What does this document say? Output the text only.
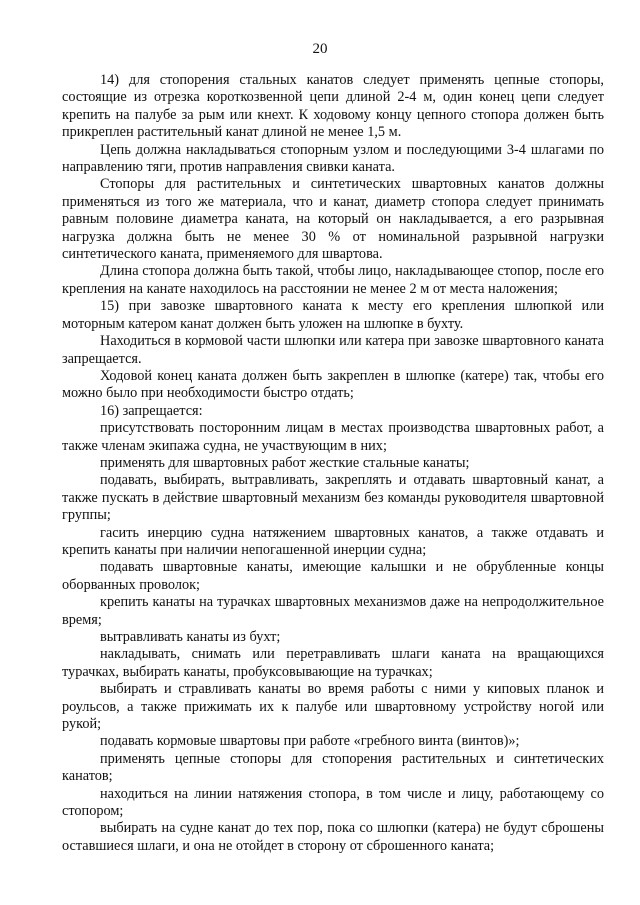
20

14) для стопорения стальных канатов следует применять цепные стопоры, состоящие из отрезка короткозвенной цепи длиной 2-4 м, один конец цепи следует крепить на палубе за рым или кнехт. К ходовому концу цепного стопора должен быть прикреплен растительный канат длиной не менее 1,5 м.

Цепь должна накладываться стопорным узлом и последующими 3-4 шлагами по направлению тяги, против направления свивки каната.

Стопоры для растительных и синтетических швартовных канатов должны применяться из того же материала, что и канат, диаметр стопора следует принимать равным половине диаметра каната, на который он накладывается, а его разрывная нагрузка должна быть не менее 30 % от номинальной разрывной нагрузки синтетического каната, применяемого для швартова.

Длина стопора должна быть такой, чтобы лицо, накладывающее стопор, после его крепления на канате находилось на расстоянии не менее 2 м от места наложения;

15) при завозке швартовного каната к месту его крепления шлюпкой или моторным катером канат должен быть уложен на шлюпке в бухту.

Находиться в кормовой части шлюпки или катера при завозке швартовного каната запрещается.

Ходовой конец каната должен быть закреплен в шлюпке (катере) так, чтобы его можно было при необходимости быстро отдать;

16) запрещается:

присутствовать посторонним лицам в местах производства швартовных работ, а также членам экипажа судна, не участвующим в них;

применять для швартовных работ жесткие стальные канаты;

подавать, выбирать, вытравливать, закреплять и отдавать швартовный канат, а также пускать в действие швартовный механизм без команды руководителя швартовной группы;

гасить инерцию судна натяжением швартовных канатов, а также отдавать и крепить канаты при наличии непогашенной инерции судна;

подавать швартовные канаты, имеющие калышки и не обрубленные концы оборванных проволок;

крепить канаты на турачках швартовных механизмов даже на непродолжительное время;

вытравливать канаты из бухт;

накладывать, снимать или перетравливать шлаги каната на вращающихся турачках, выбирать канаты, пробуксовывающие на турачках;

выбирать и стравливать канаты во время работы с ними у киповых планок и роульсов, а также прижимать их к палубе или швартовному устройству ногой или рукой;

подавать кормовые швартовы при работе «гребного винта (винтов)»;

применять цепные стопоры для стопорения растительных и синтетических канатов;

находиться на линии натяжения стопора, в том числе и лицу, работающему со стопором;

выбирать на судне канат до тех пор, пока со шлюпки (катера) не будут сброшены оставшиеся шлаги, и она не отойдет в сторону от сброшенного каната;
